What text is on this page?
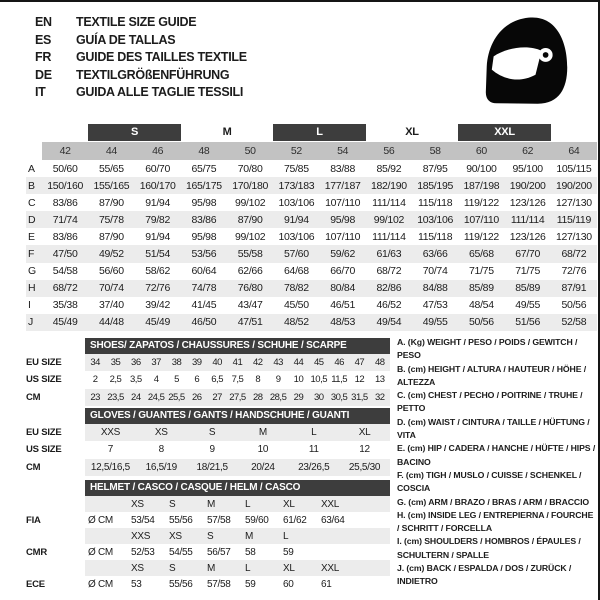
EN	TEXTILE SIZE GUIDE
ES	GUÍA DE TALLAS
FR	GUIDE DES TAILLES TEXTILE
DE	TEXTILGRÖßENFÜHRUNG
IT	GUIDA ALLE TAGLIE TESSILI
S	M	L	XL	XXL
42	44	46	48	50	52	54	56	58	60	62	64
A	50/60	55/65	60/70	65/75	70/80	75/85	83/88	85/92	87/95	90/100	95/100	105/115
B	150/160 155/165 160/170 165/175 170/180 173/183 177/187 182/190 185/195 187/198 190/200 190/200
C	83/86	87/90	91/94	95/98	99/102	103/106	107/110	111/114	115/118	119/122	123/126 127/130
D	71/74	75/78	79/82	83/86	87/90	91/94	95/98	99/102	103/106	107/110	111/114	115/119
E	83/86	87/90	91/94	95/98	99/102	103/106	107/110	111/114	115/118	119/122	123/126 127/130
F	47/50	49/52	51/54	53/56	55/58	57/60	59/62	61/63	63/66	65/68	67/70	68/72
G	54/58	56/60	58/62	60/64	62/66	64/68	66/70	68/72	70/74	71/75	71/75	72/76
H	68/72	70/74	72/76	74/78	76/80	78/82	80/84	82/86	84/88	85/89	85/89	87/91
I	35/38	37/40	39/42	41/45	43/47	45/50	46/51	46/52	47/53	48/54	49/55	50/56
J	45/49	44/48	45/49	46/50	47/51	48/52	48/53	49/54	49/55	50/56	51/56	52/58
SHOES/ ZAPATOS / CHAUSSURES / SCHUHE / SCARPE
EU SIZE	34	35	36	37	38	39	40	41	42	43	44	45	46	47	48
US SIZE	2	2,5 3,5	4	5	6	6,5 7,5	8	9	10 10,5 11,5 12	13
CM	23 23,5 24 24,5 25,5 26	27 27,5 28 28,5 29	30 30,5 31,5 32
GLOVES / GUANTES / GANTS / HANDSCHUHE / GUANTI
EU SIZE	XXS	XS	S	M	L	XL
US SIZE	7	8	9	10	11	12
CM	12,5/16,5	16,5/19	18/21,5	20/24	23/26,5	25,5/30
HELMET / CASCO / CASQUE / HELM / CASCO
XS	S	M	L	XL	XXL
FIA	Ø CM	53/54	55/56	57/58	59/60	61/62	63/64
XXS	XS	S	M	L
CMR	Ø CM	52/53	54/55	56/57	58	59
XS	S	M	L	XL	XXL
ECE	Ø CM	53	55/56	57/58	59	60	61
A. (Kg) WEIGHT / PESO / POIDS / GEWITCH / PESO
B. (cm) HEIGHT / ALTURA / HAUTEUR / HÖHE / ALTEZZA
C. (cm) CHEST / PECHO / POITRINE / TRUHE / PETTO
D. (cm) WAIST / CINTURA / TAILLE / HÜFTUNG / VITA
E. (cm) HIP / CADERA / HANCHE / HÜFTE / HIPS / BACINO
F. (cm) TIGH / MUSLO / CUISSE / SCHENKEL / COSCIA
G. (cm) ARM / BRAZO / BRAS / ARM / BRACCIO
H. (cm) INSIDE LEG / ENTREPIERNA / FOURCHE / SCHRITT / FORCELLA
I. (cm) SHOULDERS / HOMBROS / ÉPAULES / SCHULTERN / SPALLE
J. (cm) BACK / ESPALDA / DOS / ZURÜCK / INDIETRO
